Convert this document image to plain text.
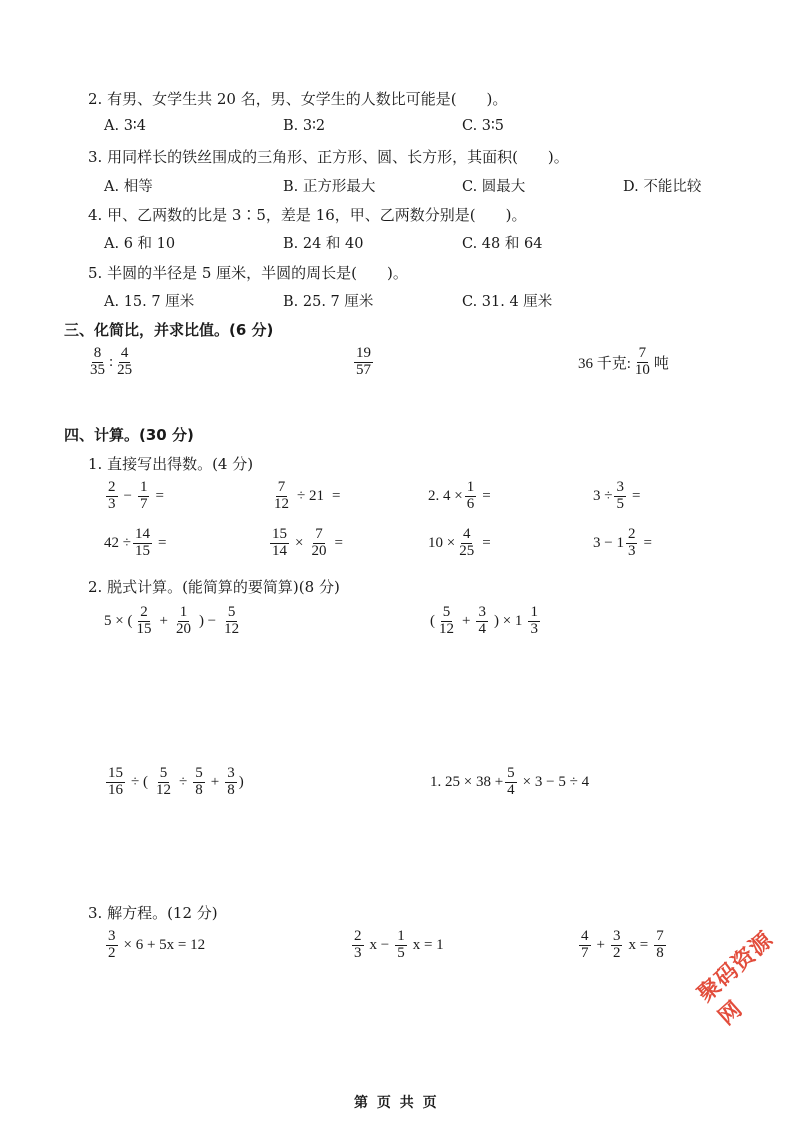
2. 有男、女学生共 20 名，男、女学生的人数比可能是(　　)。
A. 3∶4	B. 3∶2	C. 3∶5
3. 用同样长的铁丝围成的三角形、正方形、圆、长方形，其面积(　　)。
A. 相等	B. 正方形最大	C. 圆最大	D. 不能比较
4. 甲、乙两数的比是 3∶5，差是 16，甲、乙两数分别是(　　)。
A. 6 和 10	B. 24 和 40	C. 48 和 64
5. 半圆的半径是 5 厘米，半圆的周长是(　　)。
A. 15. 7 厘米	B. 25. 7 厘米	C. 31. 4 厘米
三、化简比，并求比值。(6 分)
$\frac{8}{35}$ : $\frac{4}{25}$	$\frac{19}{57}$	36 千克: $\frac{7}{10}$ 吨
四、计算。(30 分)
1. 直接写出得数。(4 分)
$\frac{2}{3} - \frac{1}{7}$ =	$\frac{7}{12} \div 21$ =	2. $4 \times \frac{1}{6}$ =	$3 \div \frac{3}{5}$ =
$42 \div \frac{14}{15}$ =	$\frac{15}{14} \times \frac{7}{20}$ =	$10 \times \frac{4}{25}$ =	$3 - 1 \frac{2}{3}$ =
2. 脱式计算。(能简算的要简算)(8 分)
5 × ( $\frac{2}{15} + \frac{1}{20}$ ) − $\frac{5}{12}$	( $\frac{5}{12} + \frac{3}{4}$ ) × $1 \frac{1}{3}$
$\frac{15}{16}$ ÷ ( $\frac{5}{12} \div \frac{5}{8} + \frac{3}{8}$ )	1. $25 \times 38 + \frac{5}{4} \times 3 - 5 \div 4$
3. 解方程。(12 分)
$\frac{3}{2} \times 6 + 5x = 12$	$\frac{2}{3}$ $x - \frac{1}{5}$ x = 1	$\frac{4}{7} + \frac{3}{2}$ $x = \frac{7}{8}$ 聚码资源网
第 页 共 页
